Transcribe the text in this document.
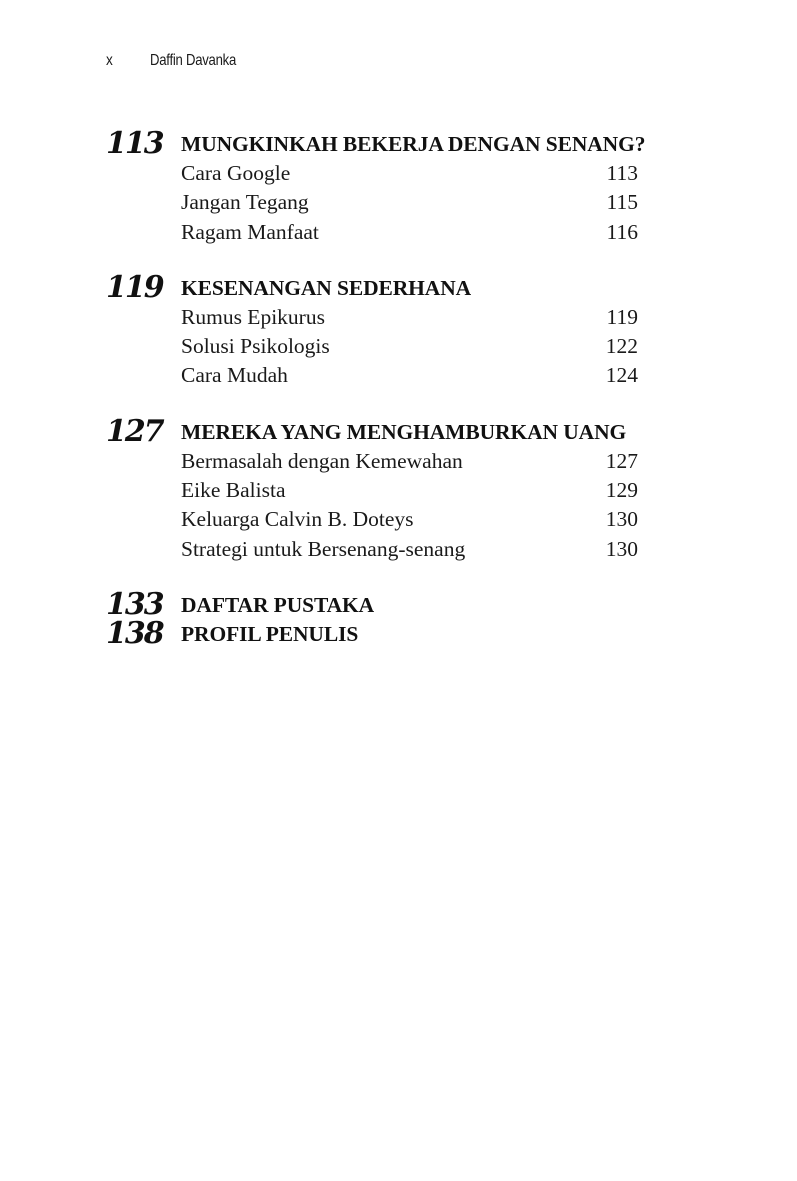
x	Daffin Davanka
113 MUNGKINKAH BEKERJA DENGAN SENANG?
Cara Google	113
Jangan Tegang	115
Ragam Manfaat	116
119 KESENANGAN SEDERHANA
Rumus Epikurus	119
Solusi Psikologis	122
Cara Mudah	124
127 MEREKA YANG MENGHAMBURKAN UANG
Bermasalah dengan Kemewahan	127
Eike Balista	129
Keluarga Calvin B. Doteys	130
Strategi untuk Bersenang-senang	130
133 DAFTAR PUSTAKA
138 PROFIL PENULIS
